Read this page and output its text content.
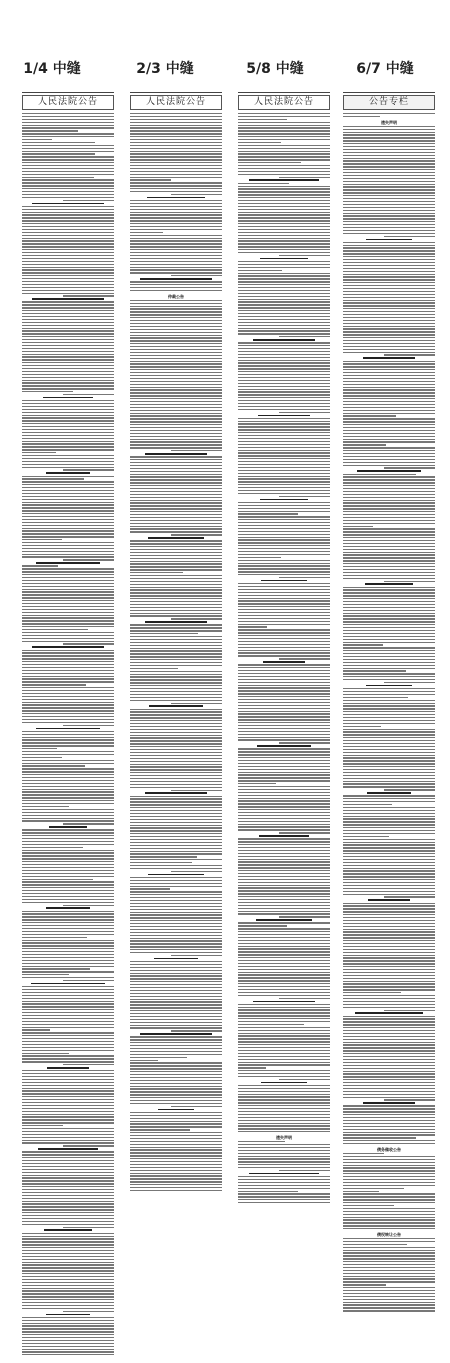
1/4 中缝	2/3 中缝	5/8 中缝	6/7 中缝
人民法院公告	人民法院公告
仲裁公告
人民法院公告
遗失声明
公告专栏
遗失声明
债务催收公告
债权转让公告
